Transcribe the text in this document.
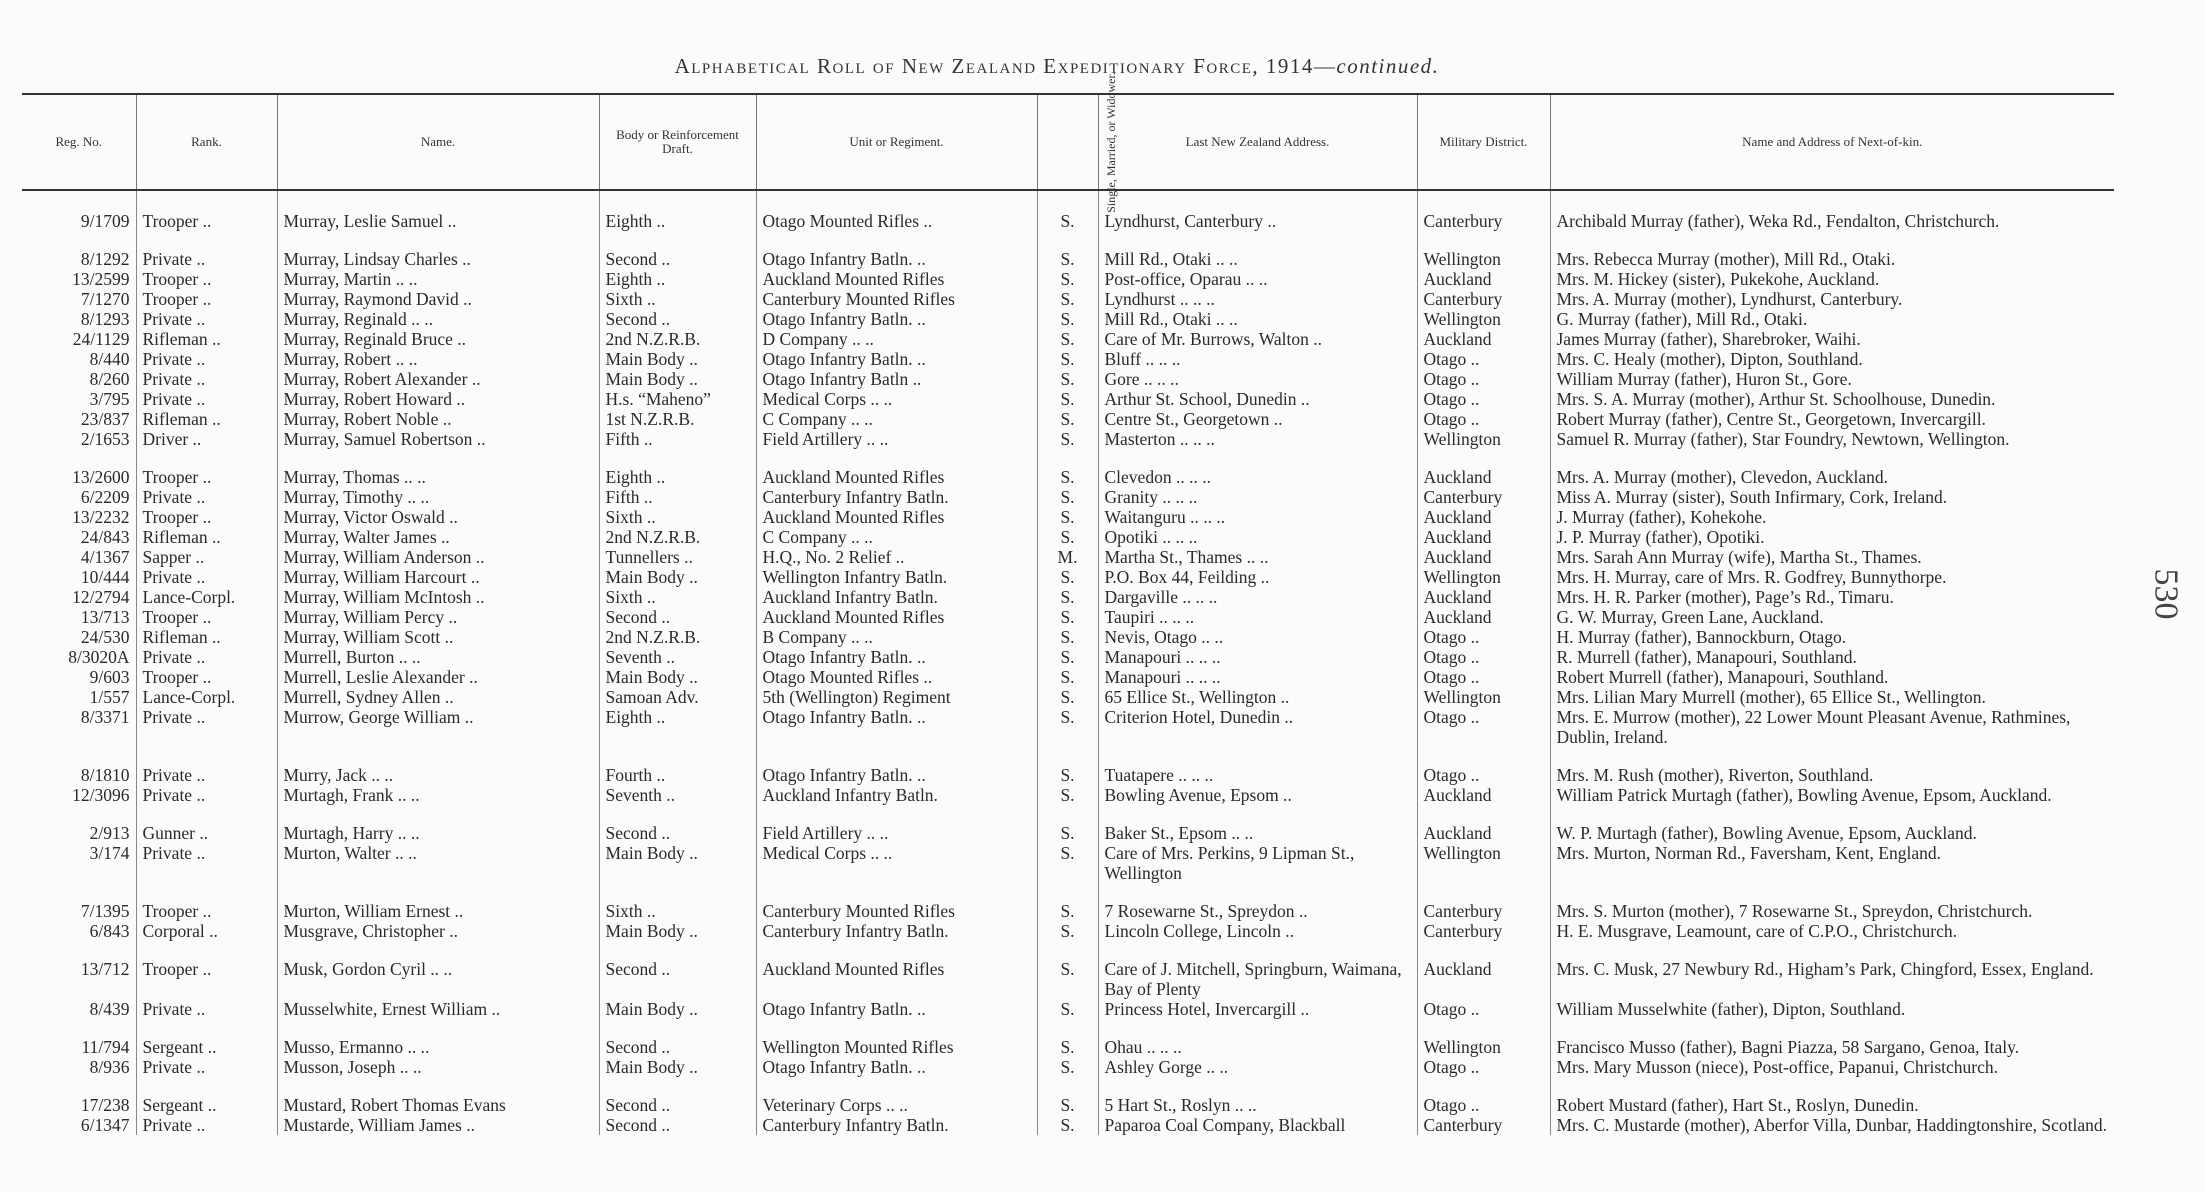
Alphabetical Roll of New Zealand Expeditionary Force, 1914—continued.
530
Reg. No.	Rank.	Name.	Body or Reinforcement Draft.	Unit or Regiment.	Single, Married, or Widower.	Last New Zealand Address.	Military District.	Name and Address of Next-of-kin.

9/1709	Trooper ..	Murray, Leslie Samuel ..	Eighth ..	Otago Mounted Rifles ..	S.	Lyndhurst, Canterbury ..	Canterbury	Archibald Murray (father), Weka Rd., Fendalton, Christchurch.
8/1292	Private ..	Murray, Lindsay Charles ..	Second ..	Otago Infantry Batln. ..	S.	Mill Rd., Otaki .. ..	Wellington	Mrs. Rebecca Murray (mother), Mill Rd., Otaki.
13/2599	Trooper ..	Murray, Martin .. ..	Eighth ..	Auckland Mounted Rifles	S.	Post-office, Oparau .. ..	Auckland	Mrs. M. Hickey (sister), Pukekohe, Auckland.
7/1270	Trooper ..	Murray, Raymond David ..	Sixth ..	Canterbury Mounted Rifles	S.	Lyndhurst .. .. ..	Canterbury	Mrs. A. Murray (mother), Lyndhurst, Canterbury.
8/1293	Private ..	Murray, Reginald .. ..	Second ..	Otago Infantry Batln. ..	S.	Mill Rd., Otaki .. ..	Wellington	G. Murray (father), Mill Rd., Otaki.
24/1129	Rifleman ..	Murray, Reginald Bruce ..	2nd N.Z.R.B.	D Company .. ..	S.	Care of Mr. Burrows, Walton ..	Auckland	James Murray (father), Sharebroker, Waihi.
8/440	Private ..	Murray, Robert .. ..	Main Body ..	Otago Infantry Batln. ..	S.	Bluff .. .. ..	Otago ..	Mrs. C. Healy (mother), Dipton, Southland.
8/260	Private ..	Murray, Robert Alexander ..	Main Body ..	Otago Infantry Batln ..	S.	Gore .. .. ..	Otago ..	William Murray (father), Huron St., Gore.
3/795	Private ..	Murray, Robert Howard ..	H.s. “Maheno”	Medical Corps .. ..	S.	Arthur St. School, Dunedin ..	Otago ..	Mrs. S. A. Murray (mother), Arthur St. Schoolhouse, Dunedin.
23/837	Rifleman ..	Murray, Robert Noble ..	1st N.Z.R.B.	C Company .. ..	S.	Centre St., Georgetown ..	Otago ..	Robert Murray (father), Centre St., Georgetown, Invercargill.
2/1653	Driver ..	Murray, Samuel Robertson ..	Fifth ..	Field Artillery .. ..	S.	Masterton .. .. ..	Wellington	Samuel R. Murray (father), Star Foundry, Newtown, Wellington.
13/2600	Trooper ..	Murray, Thomas .. ..	Eighth ..	Auckland Mounted Rifles	S.	Clevedon .. .. ..	Auckland	Mrs. A. Murray (mother), Clevedon, Auckland.
6/2209	Private ..	Murray, Timothy .. ..	Fifth ..	Canterbury Infantry Batln.	S.	Granity .. .. ..	Canterbury	Miss A. Murray (sister), South Infirmary, Cork, Ireland.
13/2232	Trooper ..	Murray, Victor Oswald ..	Sixth ..	Auckland Mounted Rifles	S.	Waitanguru .. .. ..	Auckland	J. Murray (father), Kohekohe.
24/843	Rifleman ..	Murray, Walter James ..	2nd N.Z.R.B.	C Company .. ..	S.	Opotiki .. .. ..	Auckland	J. P. Murray (father), Opotiki.
4/1367	Sapper ..	Murray, William Anderson ..	Tunnellers ..	H.Q., No. 2 Relief ..	M.	Martha St., Thames .. ..	Auckland	Mrs. Sarah Ann Murray (wife), Martha St., Thames.
10/444	Private ..	Murray, William Harcourt ..	Main Body ..	Wellington Infantry Batln.	S.	P.O. Box 44, Feilding ..	Wellington	Mrs. H. Murray, care of Mrs. R. Godfrey, Bunnythorpe.
12/2794	Lance-Corpl.	Murray, William McIntosh ..	Sixth ..	Auckland Infantry Batln.	S.	Dargaville .. .. ..	Auckland	Mrs. H. R. Parker (mother), Page’s Rd., Timaru.
13/713	Trooper ..	Murray, William Percy ..	Second ..	Auckland Mounted Rifles	S.	Taupiri .. .. ..	Auckland	G. W. Murray, Green Lane, Auckland.
24/530	Rifleman ..	Murray, William Scott ..	2nd N.Z.R.B.	B Company .. ..	S.	Nevis, Otago .. ..	Otago ..	H. Murray (father), Bannockburn, Otago.
8/3020A	Private ..	Murrell, Burton .. ..	Seventh ..	Otago Infantry Batln. ..	S.	Manapouri .. .. ..	Otago ..	R. Murrell (father), Manapouri, Southland.
9/603	Trooper ..	Murrell, Leslie Alexander ..	Main Body ..	Otago Mounted Rifles ..	S.	Manapouri .. .. ..	Otago ..	Robert Murrell (father), Manapouri, Southland.
1/557	Lance-Corpl.	Murrell, Sydney Allen ..	Samoan Adv.	5th (Wellington) Regiment	S.	65 Ellice St., Wellington ..	Wellington	Mrs. Lilian Mary Murrell (mother), 65 Ellice St., Wellington.
8/3371	Private ..	Murrow, George William ..	Eighth ..	Otago Infantry Batln. ..	S.	Criterion Hotel, Dunedin ..	Otago ..	Mrs. E. Murrow (mother), 22 Lower Mount Pleasant Avenue, Rathmines, Dublin, Ireland.
8/1810	Private ..	Murry, Jack .. ..	Fourth ..	Otago Infantry Batln. ..	S.	Tuatapere .. .. ..	Otago ..	Mrs. M. Rush (mother), Riverton, Southland.
12/3096	Private ..	Murtagh, Frank .. ..	Seventh ..	Auckland Infantry Batln.	S.	Bowling Avenue, Epsom ..	Auckland	William Patrick Murtagh (father), Bowling Avenue, Epsom, Auckland.
2/913	Gunner ..	Murtagh, Harry .. ..	Second ..	Field Artillery .. ..	S.	Baker St., Epsom .. ..	Auckland	W. P. Murtagh (father), Bowling Avenue, Epsom, Auckland.
3/174	Private ..	Murton, Walter .. ..	Main Body ..	Medical Corps .. ..	S.	Care of Mrs. Perkins, 9 Lipman St., Wellington	Wellington	Mrs. Murton, Norman Rd., Faversham, Kent, England.
7/1395	Trooper ..	Murton, William Ernest ..	Sixth ..	Canterbury Mounted Rifles	S.	7 Rosewarne St., Spreydon ..	Canterbury	Mrs. S. Murton (mother), 7 Rosewarne St., Spreydon, Christchurch.
6/843	Corporal ..	Musgrave, Christopher ..	Main Body ..	Canterbury Infantry Batln.	S.	Lincoln College, Lincoln ..	Canterbury	H. E. Musgrave, Leamount, care of C.P.O., Christchurch.
13/712	Trooper ..	Musk, Gordon Cyril .. ..	Second ..	Auckland Mounted Rifles	S.	Care of J. Mitchell, Springburn, Waimana, Bay of Plenty	Auckland	Mrs. C. Musk, 27 Newbury Rd., Higham’s Park, Chingford, Essex, England.
8/439	Private ..	Musselwhite, Ernest William ..	Main Body ..	Otago Infantry Batln. ..	S.	Princess Hotel, Invercargill ..	Otago ..	William Musselwhite (father), Dipton, Southland.
11/794	Sergeant ..	Musso, Ermanno .. ..	Second ..	Wellington Mounted Rifles	S.	Ohau .. .. ..	Wellington	Francisco Musso (father), Bagni Piazza, 58 Sargano, Genoa, Italy.
8/936	Private ..	Musson, Joseph .. ..	Main Body ..	Otago Infantry Batln. ..	S.	Ashley Gorge .. ..	Otago ..	Mrs. Mary Musson (niece), Post-office, Papanui, Christchurch.
17/238	Sergeant ..	Mustard, Robert Thomas Evans	Second ..	Veterinary Corps .. ..	S.	5 Hart St., Roslyn .. ..	Otago ..	Robert Mustard (father), Hart St., Roslyn, Dunedin.
6/1347	Private ..	Mustarde, William James ..	Second ..	Canterbury Infantry Batln.	S.	Paparoa Coal Company, Blackball	Canterbury	Mrs. C. Mustarde (mother), Aberfor Villa, Dunbar, Haddingtonshire, Scotland.
